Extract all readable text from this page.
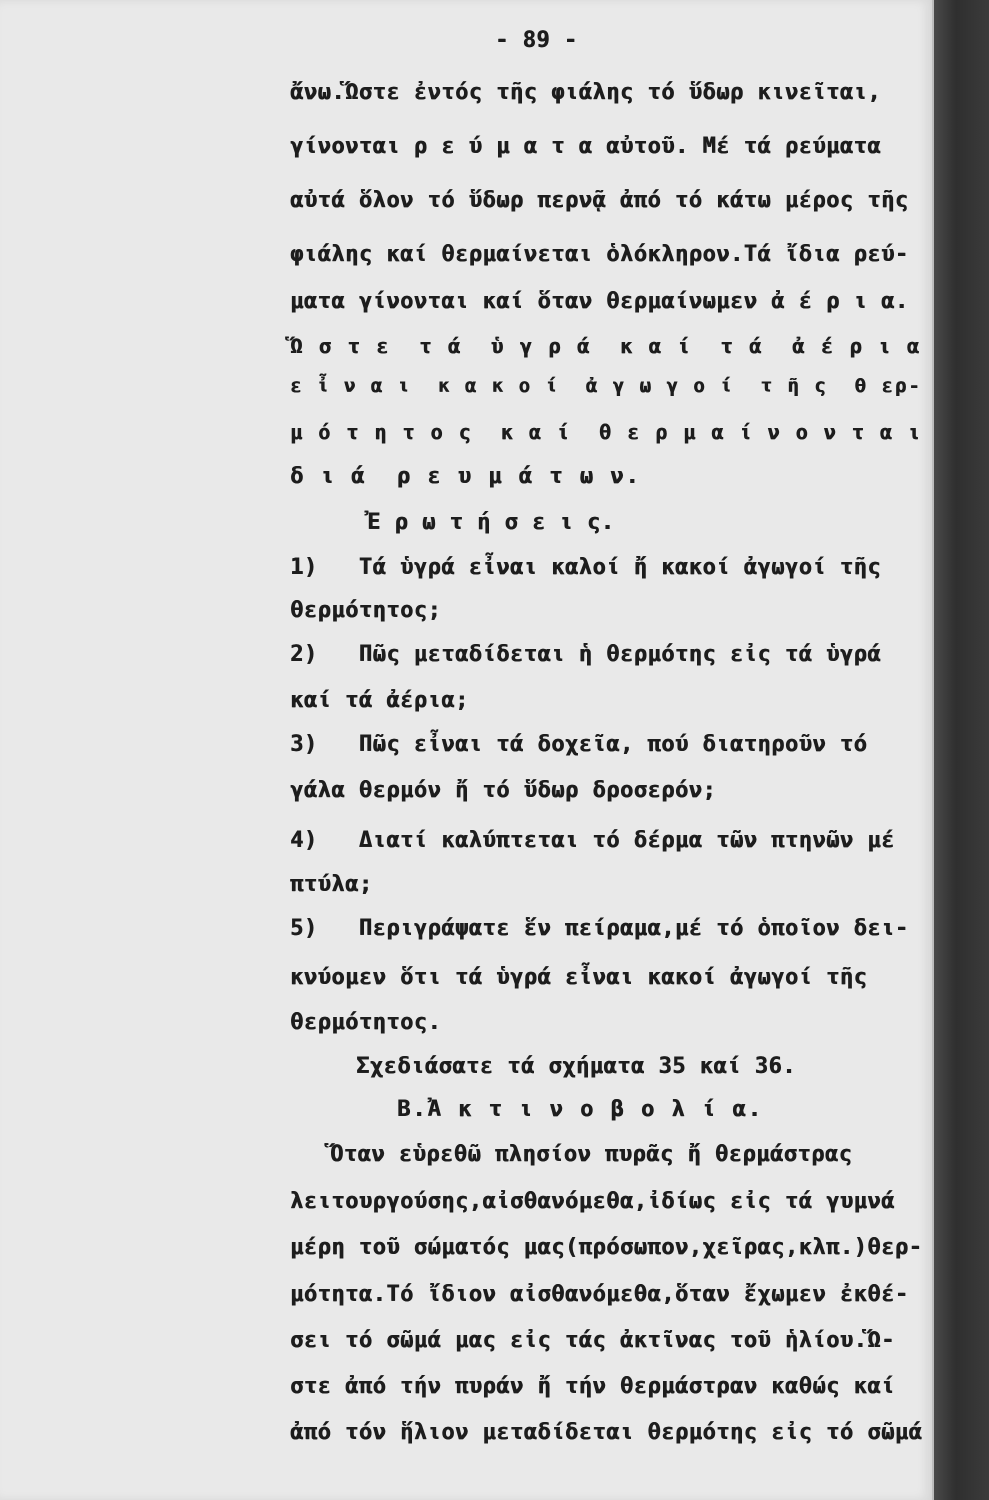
- 89 -
ἄνω.Ὥστε ἐντός τῆς φιάλης τό ὕδωρ κινεῖται,
γίνονται ρ ε ύ μ α τ α αὐτοῦ. Μέ τά ρεύματα
αὐτά ὅλον τό ὕδωρ περνᾷ ἀπό τό κάτω μέρος τῆς
φιάλης καί θερμαίνεται ὁλόκληρον.Τά ἴδια ρεύ-
ματα γίνονται καί ὅταν θερμαίνωμεν ἀ έ ρ ι α.
Ὥ σ τ ε  τ ά  ὑ γ ρ ά  κ α ί  τ ά  ἀ έ ρ ι α
ε ἶ ν α ι  κ α κ ο ί  ἀ γ ω γ ο ί  τ ῆ ς  θ ερ-
μ ό τ η τ ο ς  κ α ί  θ ε ρ μ α ί ν ο ν τ α ι
δ ι ά  ρ ε υ μ ά τ ω ν.
Ἐ ρ ω τ ή σ ε ι ς.
1)   Τά ὑγρά εἶναι καλοί ἤ κακοί ἀγωγοί τῆς
θερμότητος;
2)   Πῶς μεταδίδεται ἡ θερμότης εἰς τά ὑγρά
καί τά ἀέρια;
3)   Πῶς εἶναι τά δοχεῖα, πού διατηροῦν τό
γάλα θερμόν ἤ τό ὕδωρ δροσερόν;
4)   Διατί καλύπτεται τό δέρμα τῶν πτηνῶν μέ
πτύλα;
5)   Περιγράψατε ἕν πείραμα,μέ τό ὁποῖον δει-
κνύομεν ὅτι τά ὑγρά εἶναι κακοί ἀγωγοί τῆς
θερμότητος.
Σχεδιάσατε τά σχήματα 35 καί 36.
Β.Ἀ κ τ ι ν ο β ο λ ί α.
Ὅταν εὑρεθῶ πλησίον πυρᾶς ἤ θερμάστρας
λειτουργούσης,αἰσθανόμεθα,ἰδίως εἰς τά γυμνά
μέρη τοῦ σώματός μας(πρόσωπον,χεῖρας,κλπ.)θερ-
μότητα.Τό ἴδιον αἰσθανόμεθα,ὅταν ἔχωμεν ἐκθέ-
σει τό σῶμά μας εἰς τάς ἀκτῖνας τοῦ ἡλίου.Ὥ-
στε ἀπό τήν πυράν ἤ τήν θερμάστραν καθώς καί
ἀπό τόν ἥλιον μεταδίδεται θερμότης εἰς τό σῶμά
